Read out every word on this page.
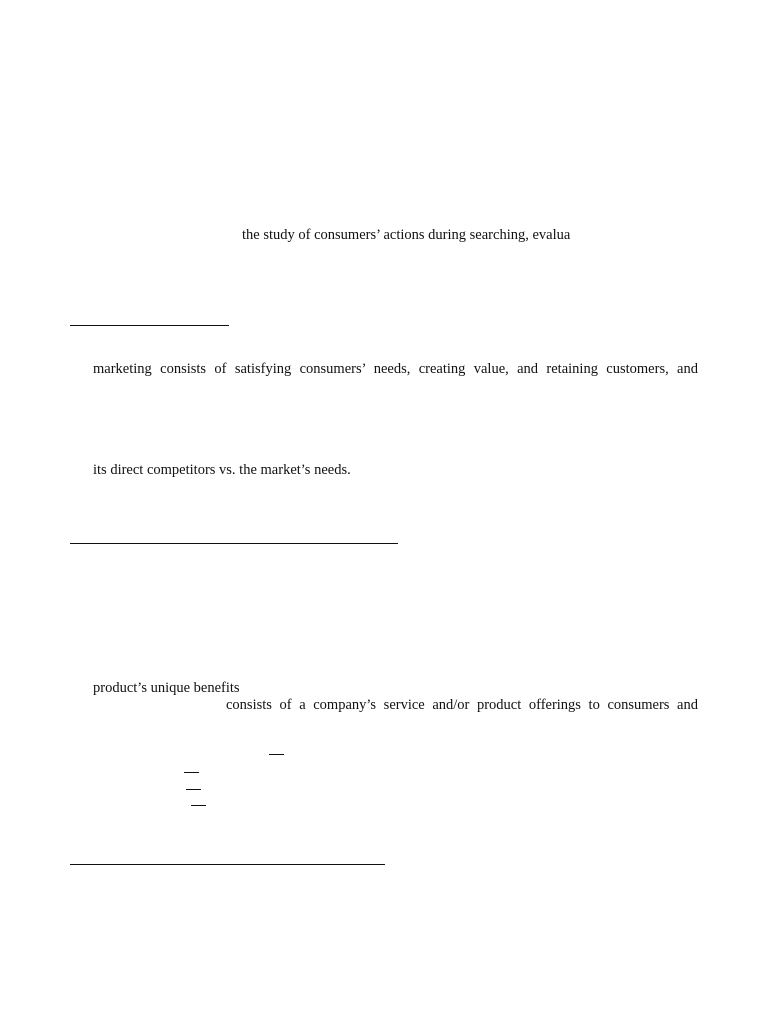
the study of consumers’ actions during searching, evalua

marketing consists of satisfying consumers’ needs, creating value, and retaining customers, and

its direct competitors vs. the market’s needs.

product’s unique benefits

consists of a company’s service and/or product offerings to consumers and
